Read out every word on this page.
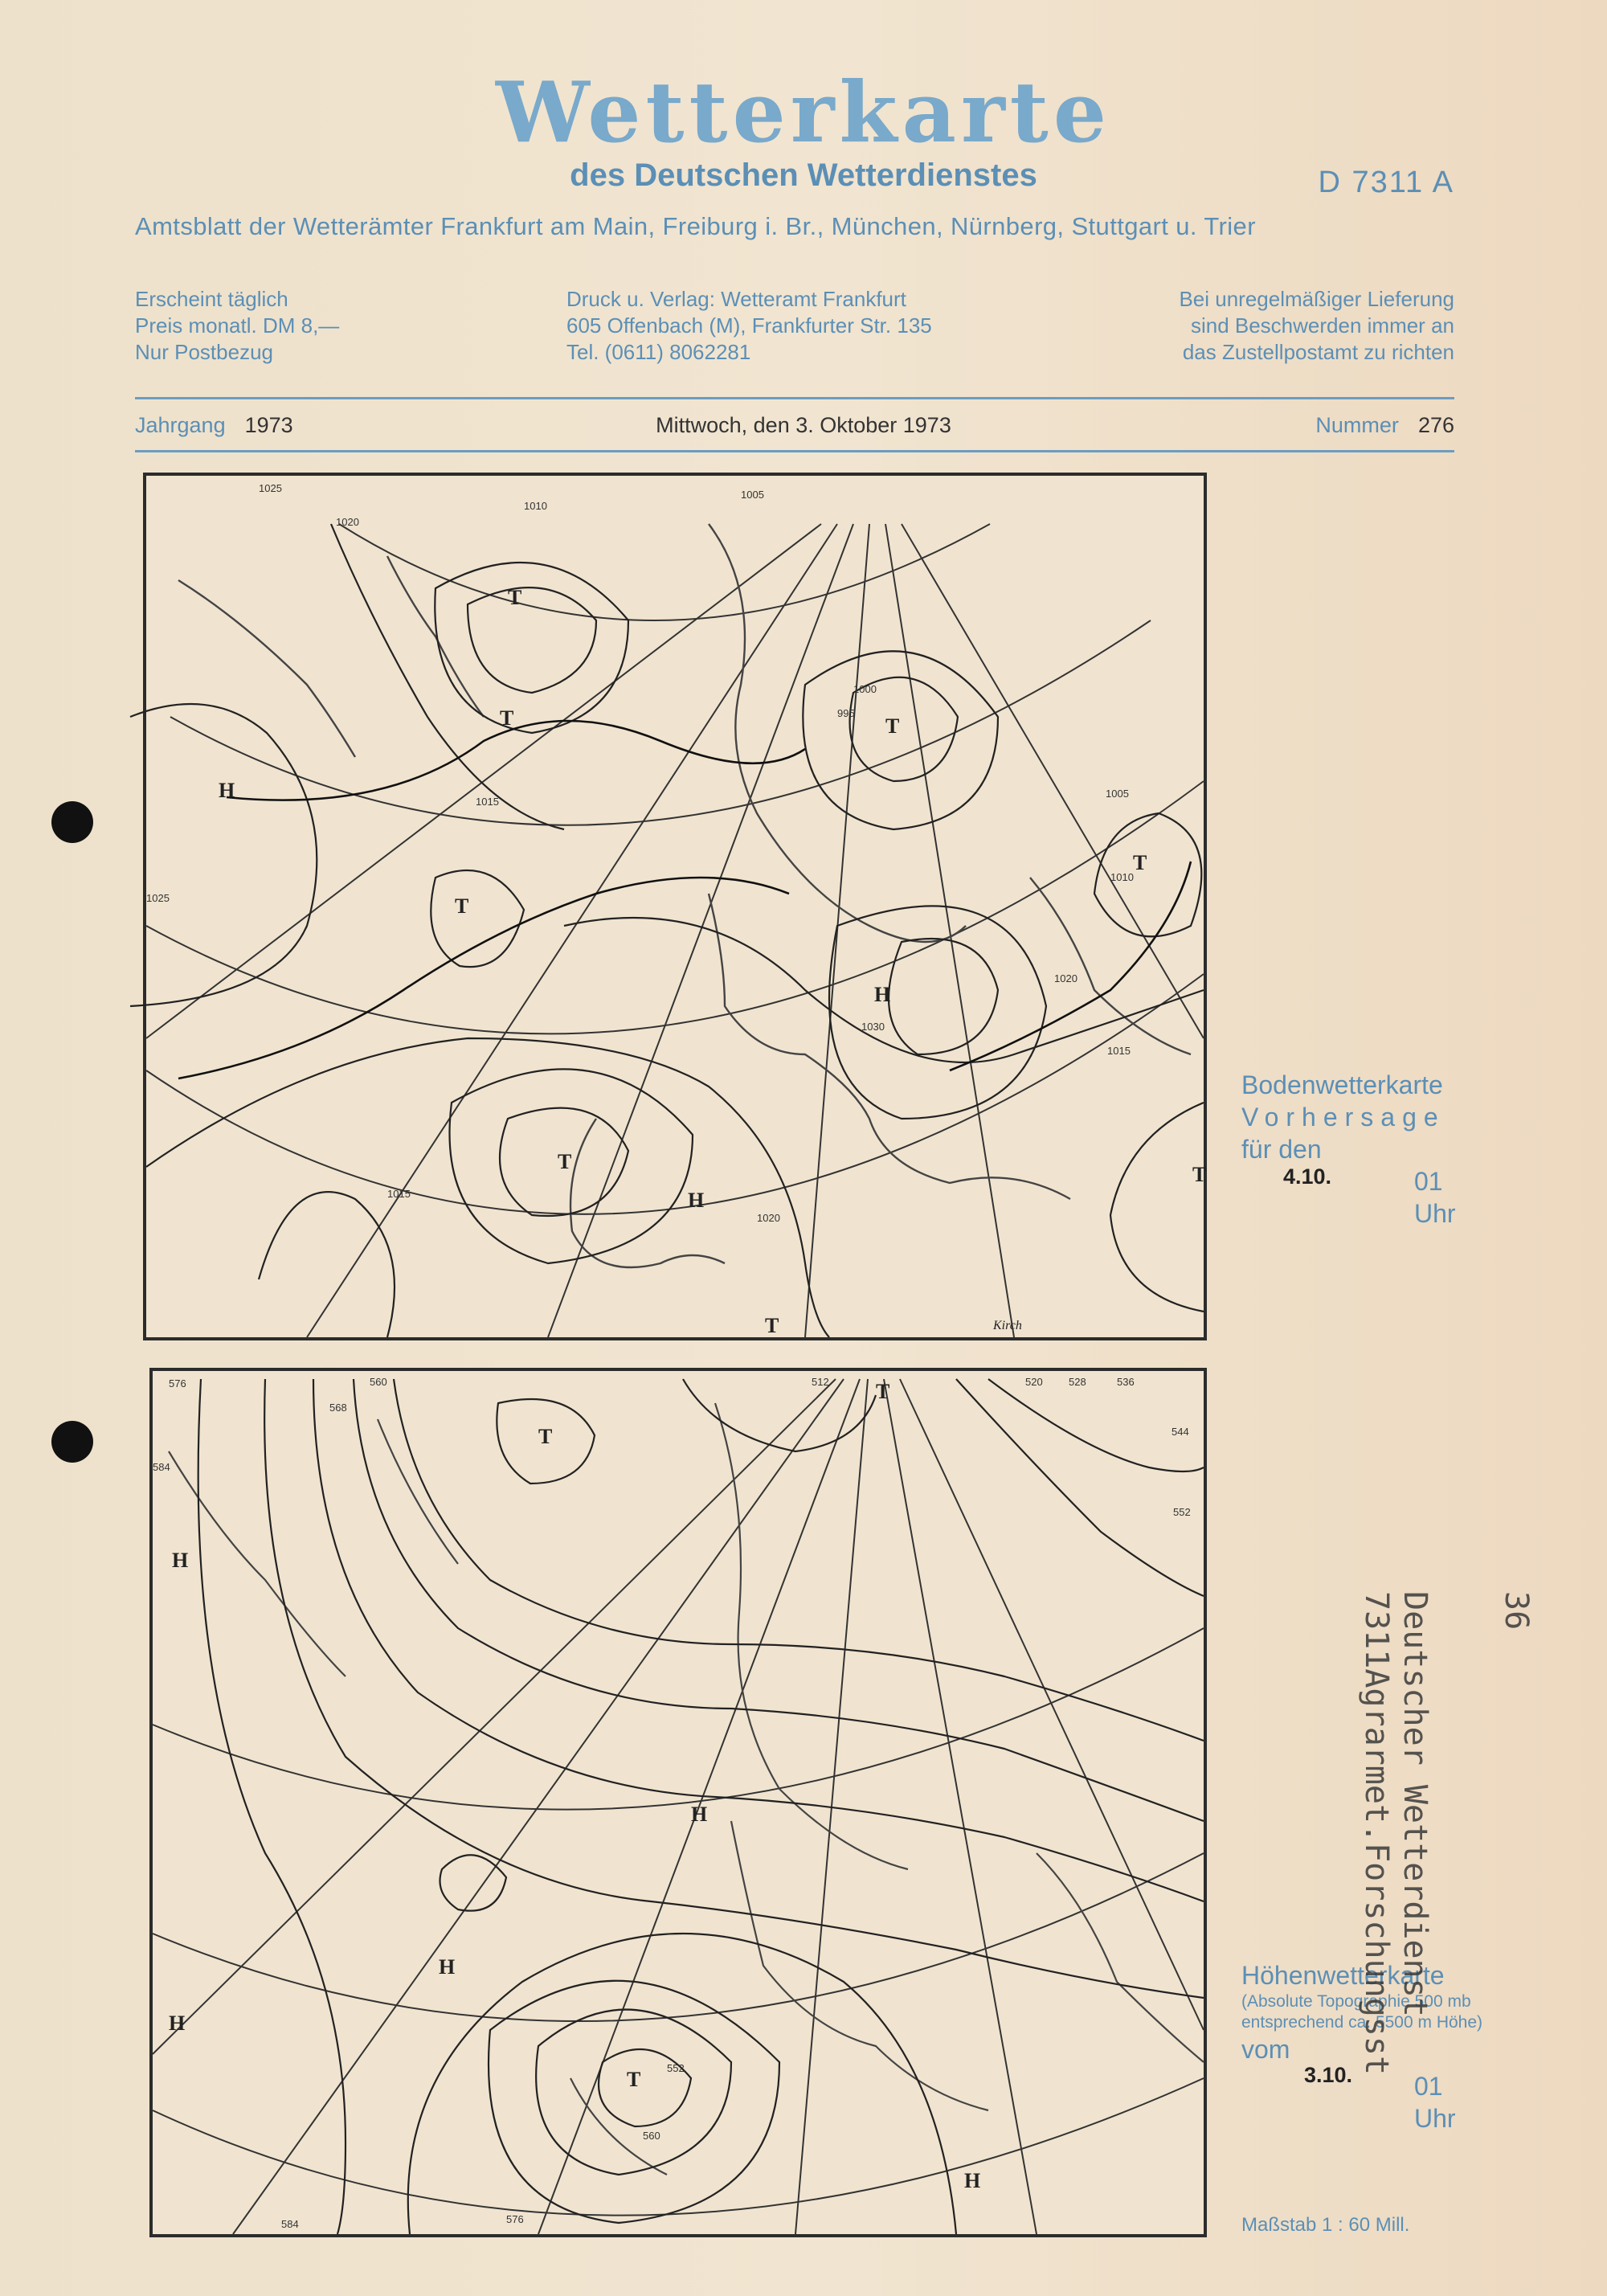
Wetterkarte
des Deutschen Wetterdienstes	D 7311 A
Amtsblatt der Wetterämter Frankfurt am Main, Freiburg i. Br., München, Nürnberg, Stuttgart u. Trier
Erscheint täglich
Preis monatl. DM 8,—
Nur Postbezug
Druck u. Verlag: Wetteramt Frankfurt
605 Offenbach (M), Frankfurter Str. 135
Tel. (0611) 8062281
Bei unregelmäßiger Lieferung
sind Beschwerden immer an
das Zustellpostamt zu richten
Jahrgang 1973	Mittwoch, den 3. Oktober 1973	Nummer 276
T
T	T
T
T
T
T
T
H
H
H
1025
1020
1015
1010
1005
1000
995
1030
1020
1015
1025
1010
1015
1020
1005
Kirch
Bodenwetterkarte
Vorhersage
für den
4.10.	01 Uhr
T
T
T
H
H
H
H
H
576
584
560
552
544
536
528
520
512
568
584	576
560
552
Höhenwetterkarte
(Absolute Topographie 500 mb
entsprechend ca. 5500 m Höhe)
vom
3.10. 01 Uhr
Maßstab 1 : 60 Mill.
36
Deutscher Wetterdienst
7311Agrarmet.Forschungsst
